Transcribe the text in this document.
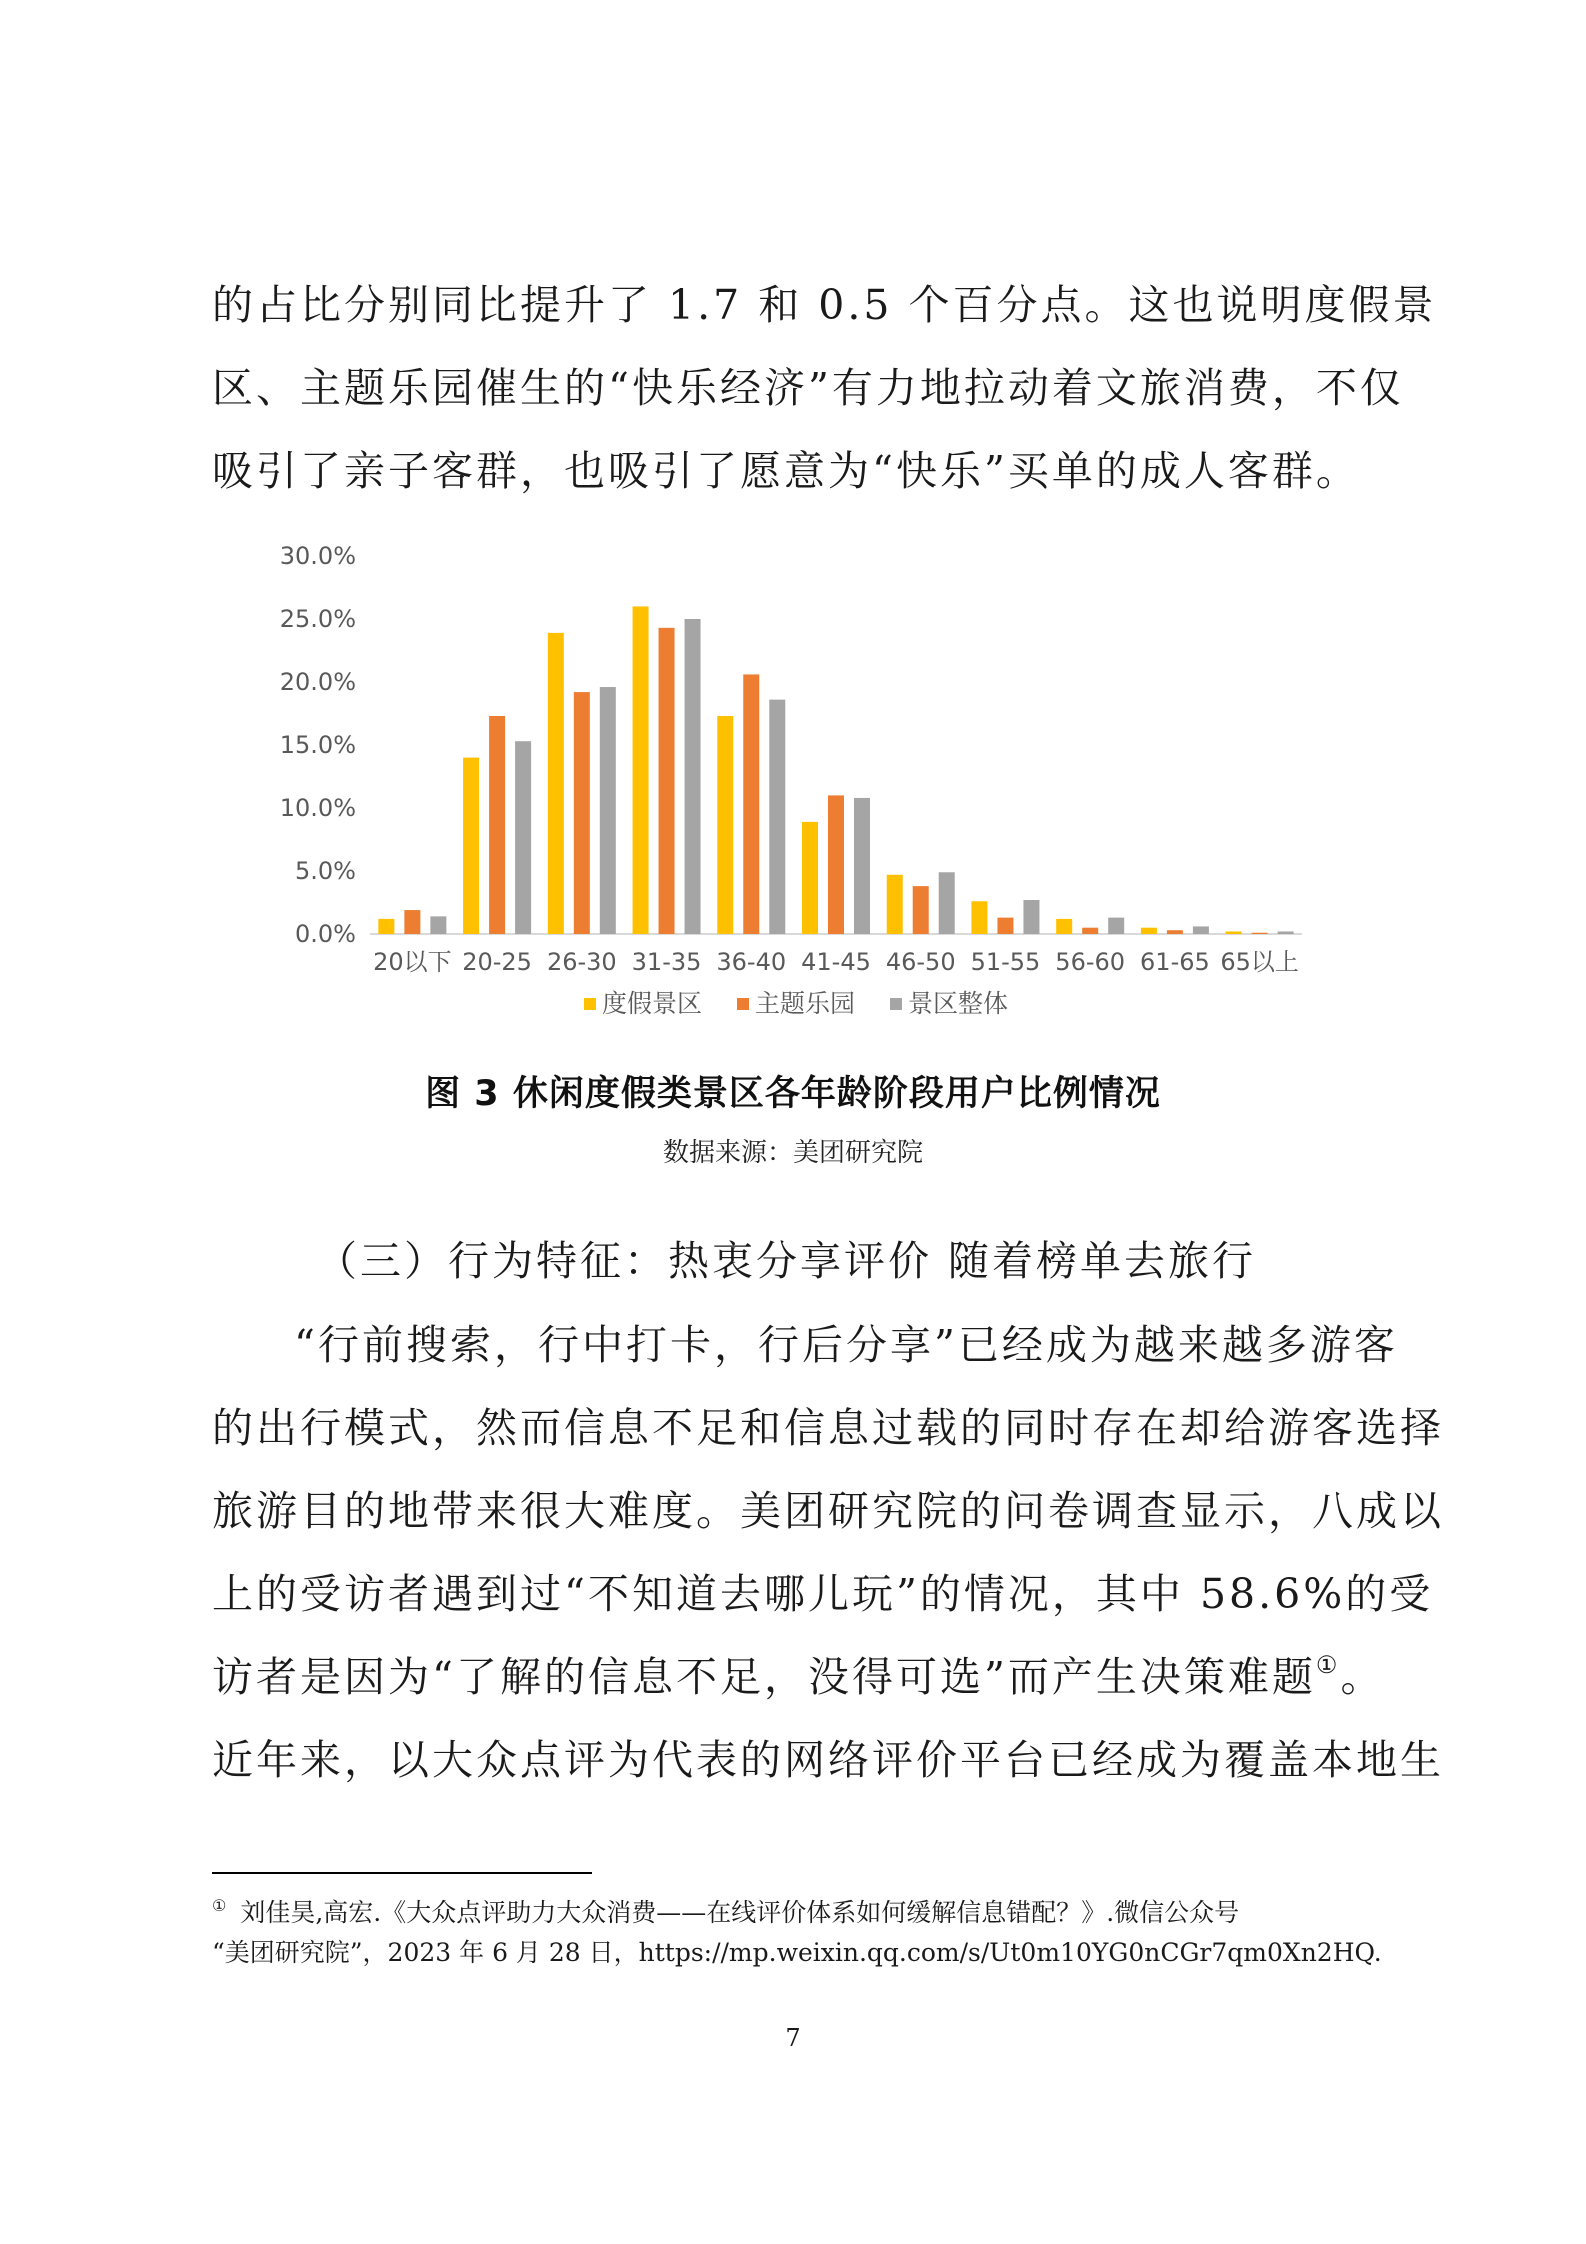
的占比分别同比提升了 1.7 和 0.5 个百分点。这也说明度假景
区、主题乐园催生的“快乐经济”有力地拉动着文旅消费，不仅
吸引了亲子客群，也吸引了愿意为“快乐”买单的成人客群。
0.0%
5.0%
10.0%
15.0%
20.0%
25.0%
30.0%
20以下 20-25 26-30 31-35 36-40 41-45 46-50 51-55 56-60 61-65 65以上
度假景区 主题乐园 景区整体

图 3 休闲度假类景区各年龄阶段用户比例情况

数据来源：美团研究院

（三）行为特征：热衷分享评价 随着榜单去旅行
“行前搜索，行中打卡，行后分享”已经成为越来越多游客
的出行模式，然而信息不足和信息过载的同时存在却给游客选择
旅游目的地带来很大难度。美团研究院的问卷调查显示，八成以
上的受访者遇到过“不知道去哪儿玩”的情况，其中 58.6%的受
访者是因为“了解的信息不足，没得可选”而产生决策难题①。
近年来，以大众点评为代表的网络评价平台已经成为覆盖本地生
① 刘佳昊,高宏.《大众点评助力大众消费——在线评价体系如何缓解信息错配？》.微信公众号
“美团研究院”，2023 年 6 月 28 日，https://mp.weixin.qq.com/s/Ut0m10YG0nCGr7qm0Xn2HQ.

7
